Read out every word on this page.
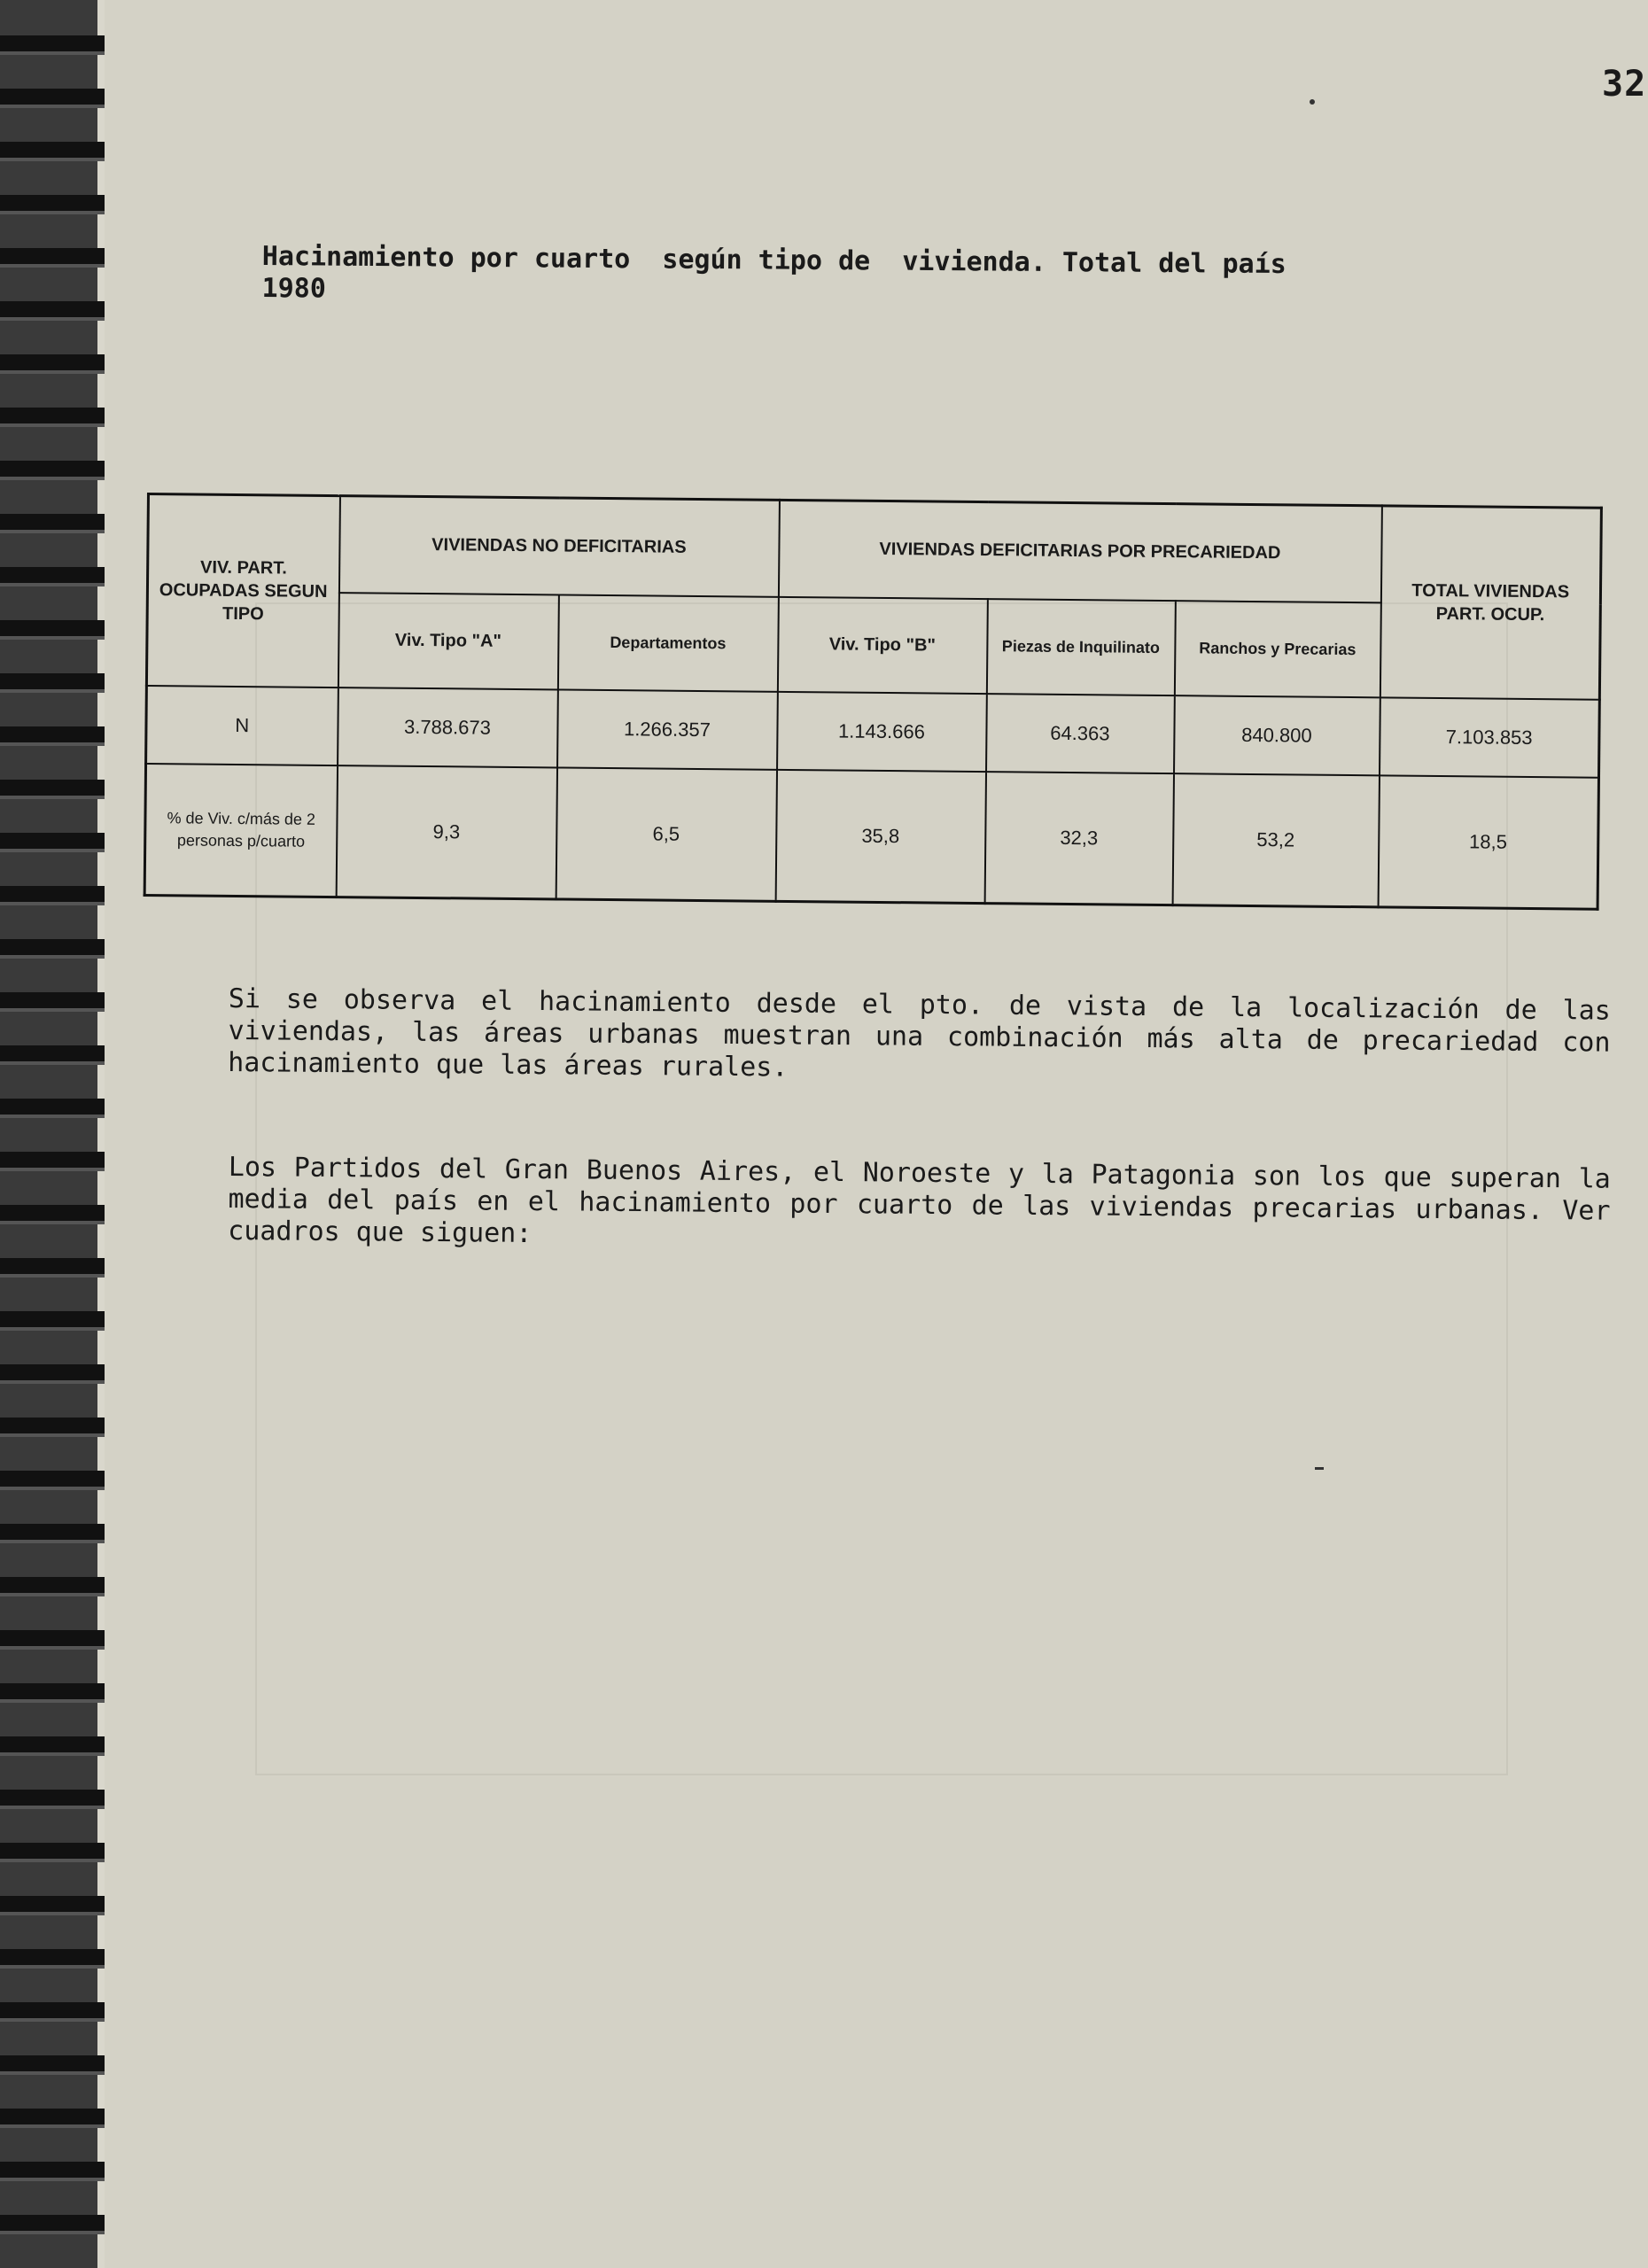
32
Hacinamiento por cuarto  según tipo de  vivienda. Total del país
1980
VIV. PART. OCUPADAS SEGUN TIPO	VIVIENDAS NO DEFICITARIAS		VIVIENDAS DEFICITARIAS POR PRECARIEDAD			TOTAL VIVIENDAS PART. OCUP.
	Viv. Tipo "A"	Departamentos	Viv. Tipo "B"	Piezas de Inquilinato	Ranchos y Precarias	
N	3.788.673	1.266.357	1.143.666	64.363	840.800	7.103.853
% de Viv. c/más de 2 personas p/cuarto	9,3	6,5	35,8	32,3	53,2	18,5
Si se observa el hacinamiento desde el pto. de vista de la localización de las viviendas, las áreas urbanas muestran una combinación más alta de precariedad con hacinamiento que las áreas rurales.
Los Partidos del Gran Buenos Aires, el Noroeste y la Patagonia son los que superan la media del país en el hacinamiento por cuarto de las viviendas precarias urbanas. Ver cuadros que siguen:
